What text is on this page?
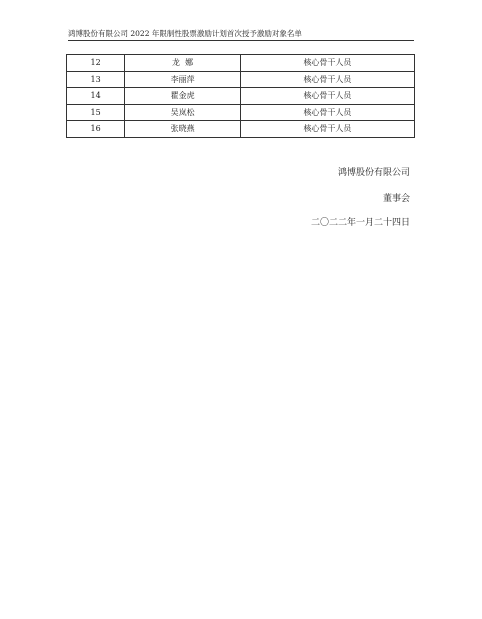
鸿博股份有限公司 2022 年限制性股票激励计划首次授予激励对象名单
12	龙  娜	核心骨干人员
13	李丽萍	核心骨干人员
14	瞿金虎	核心骨干人员
15	吴岚松	核心骨干人员
16	张晓燕	核心骨干人员
鸿博股份有限公司
董事会
二〇二二年一月二十四日
